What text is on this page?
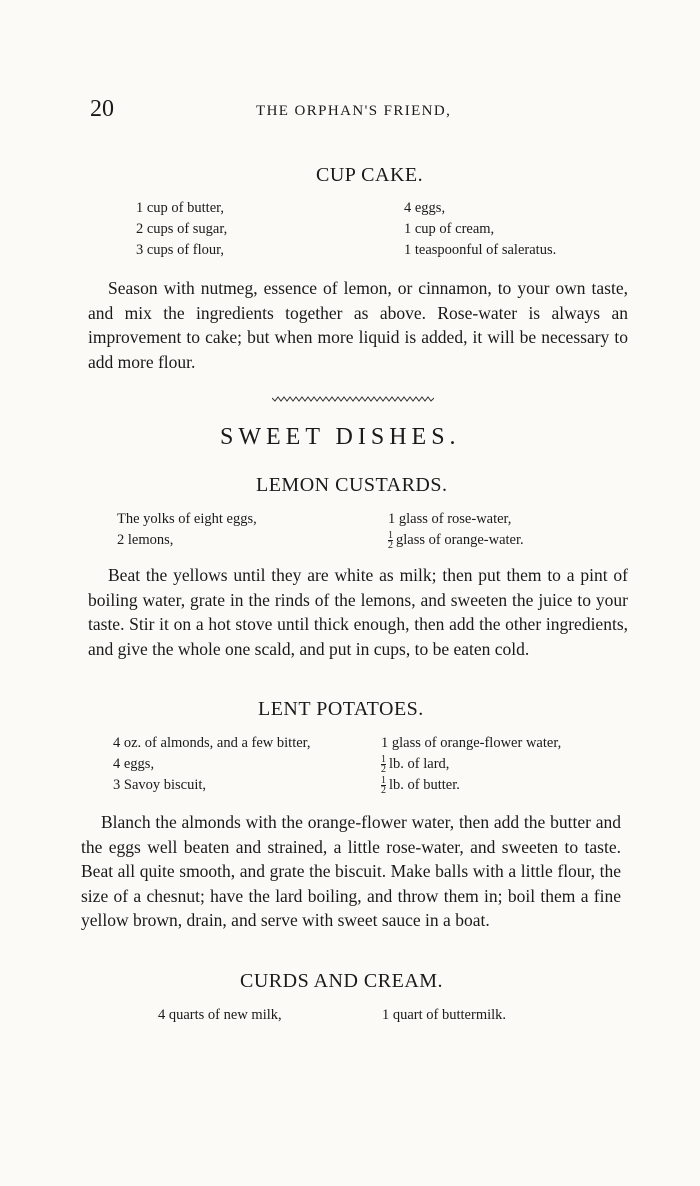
20	THE ORPHAN'S FRIEND,
CUP CAKE.
1 cup of butter,
2 cups of sugar,
3 cups of flour,
4 eggs,
1 cup of cream,
1 teaspoonful of saleratus.

Season with nutmeg, essence of lemon, or cinnamon, to your own taste, and mix the ingredients together as above. Rose-water is always an improvement to cake; but when more liquid is added, it will be necessary to add more flour.

SWEET DISHES.
LEMON CUSTARDS.
The yolks of eight eggs,
2 lemons,
1 glass of rose-water,
$\frac{1}{2}$ glass of orange-water.

Beat the yellows until they are white as milk; then put them to a pint of boiling water, grate in the rinds of the lemons, and sweeten the juice to your taste. Stir it on a hot stove until thick enough, then add the other ingredients, and give the whole one scald, and put in cups, to be eaten cold.

LENT POTATOES.
4 oz. of almonds, and a few bitter,
4 eggs,
3 Savoy biscuit,
1 glass of orange-flower water,
$\frac{1}{2}$ lb. of lard,
$\frac{1}{2}$ lb. of butter.

Blanch the almonds with the orange-flower water, then add the butter and the eggs well beaten and strained, a little rose-water, and sweeten to taste. Beat all quite smooth, and grate the biscuit. Make balls with a little flour, the size of a chesnut; have the lard boiling, and throw them in; boil them a fine yellow brown, drain, and serve with sweet sauce in a boat.

CURDS AND CREAM.
4 quarts of new milk,	1 quart of buttermilk.
